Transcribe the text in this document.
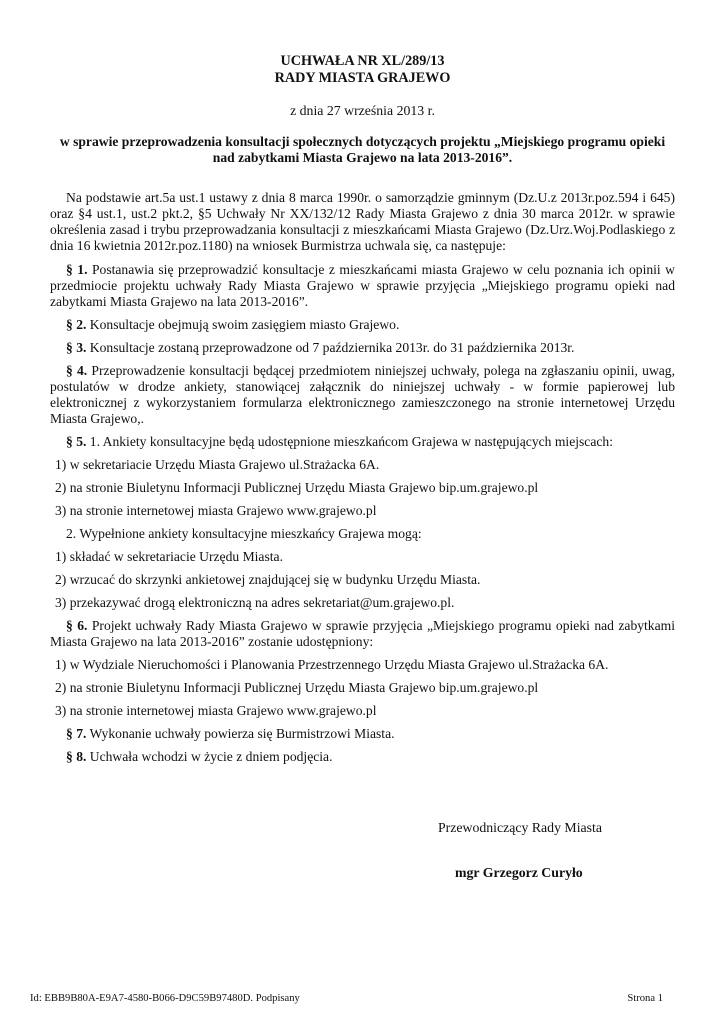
UCHWAŁA NR XL/289/13
RADY MIASTA GRAJEWO
z dnia 27 września 2013 r.
w sprawie przeprowadzenia konsultacji społecznych dotyczących projektu „Miejskiego programu opieki nad zabytkami Miasta Grajewo na lata 2013-2016”.

Na podstawie art.5a ust.1 ustawy z dnia 8 marca 1990r. o samorządzie gminnym (Dz.U.z 2013r.poz.594 i 645) oraz §4 ust.1, ust.2 pkt.2, §5 Uchwały Nr XX/132/12 Rady Miasta Grajewo z dnia 30 marca 2012r. w sprawie określenia zasad i trybu przeprowadzania konsultacji z mieszkańcami Miasta Grajewo (Dz.Urz.Woj.Podlaskiego z dnia 16 kwietnia 2012r.poz.1180) na wniosek Burmistrza uchwala się, ca następuje:

§ 1. Postanawia się przeprowadzić konsultacje z mieszkańcami miasta Grajewo w celu poznania ich opinii w przedmiocie projektu uchwały Rady Miasta Grajewo w sprawie przyjęcia „Miejskiego programu opieki nad zabytkami Miasta Grajewo na lata 2013-2016”.

§ 2. Konsultacje obejmują swoim zasięgiem miasto Grajewo.

§ 3. Konsultacje zostaną przeprowadzone od 7 października 2013r. do 31 października 2013r.

§ 4. Przeprowadzenie konsultacji będącej przedmiotem niniejszej uchwały, polega na zgłaszaniu opinii, uwag, postulatów w drodze ankiety, stanowiącej załącznik do niniejszej uchwały - w formie papierowej lub elektronicznej z wykorzystaniem formularza elektronicznego zamieszczonego na stronie internetowej Urzędu Miasta Grajewo,.

§ 5. 1. Ankiety konsultacyjne będą udostępnione mieszkańcom Grajewa w następujących miejscach:

1) w sekretariacie Urzędu Miasta Grajewo ul.Strażacka 6A.

2) na stronie Biuletynu Informacji Publicznej Urzędu Miasta Grajewo bip.um.grajewo.pl

3) na stronie internetowej miasta Grajewo www.grajewo.pl

2. Wypełnione ankiety konsultacyjne mieszkańcy Grajewa mogą:

1) składać w sekretariacie Urzędu Miasta.

2) wrzucać do skrzynki ankietowej znajdującej się w budynku Urzędu Miasta.

3) przekazywać drogą elektroniczną na adres sekretariat@um.grajewo.pl.

§ 6. Projekt uchwały Rady Miasta Grajewo w sprawie przyjęcia „Miejskiego programu opieki nad zabytkami Miasta Grajewo na lata 2013-2016” zostanie udostępniony:

1) w Wydziale Nieruchomości i Planowania Przestrzennego Urzędu Miasta Grajewo ul.Strażacka 6A.

2) na stronie Biuletynu Informacji Publicznej Urzędu Miasta Grajewo bip.um.grajewo.pl

3) na stronie internetowej miasta Grajewo www.grajewo.pl

§ 7. Wykonanie uchwały powierza się Burmistrzowi Miasta.

§ 8. Uchwała wchodzi w życie z dniem podjęcia.

Przewodniczący Rady Miasta
mgr Grzegorz Curyło
Id: EBB9B80A-E9A7-4580-B066-D9C59B97480D. Podpisany	Strona 1
